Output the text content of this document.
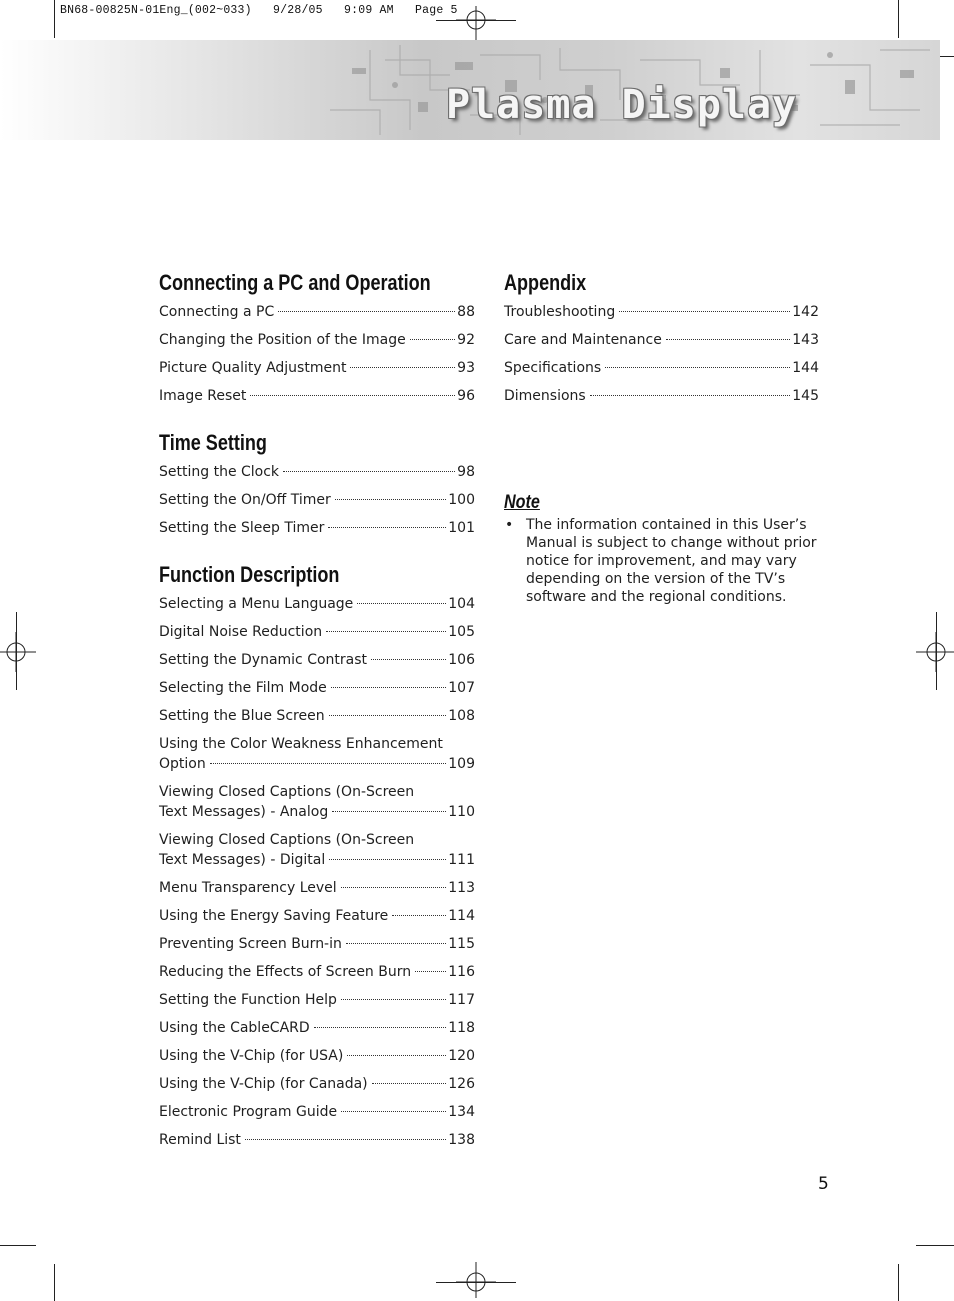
BN68-00825N-01Eng_(002~033)   9/28/05   9:09 AM   Page 5
Plasma Display
Connecting a PC and Operation
Connecting a PC	88
Changing the Position of the Image	92
Picture Quality Adjustment	93
Image Reset	96
Time Setting
Setting the Clock	98
Setting the On/Off Timer	100
Setting the Sleep Timer	101
Function Description
Selecting a Menu Language	104
Digital Noise Reduction	105
Setting the Dynamic Contrast	106
Selecting the Film Mode	107
Setting the Blue Screen	108
Using the Color Weakness Enhancement
Option	109
Viewing Closed Captions (On-Screen
Text Messages) - Analog	110
Viewing Closed Captions (On-Screen
Text Messages) - Digital	111
Menu Transparency Level	113
Using the Energy Saving Feature	114
Preventing Screen Burn-in	115
Reducing the Effects of Screen Burn	116
Setting the Function Help	117
Using the CableCARD	118
Using the V-Chip (for USA)	120
Using the V-Chip (for Canada)	126
Electronic Program Guide	134
Remind List	138
Appendix
Troubleshooting	142
Care and Maintenance	143
Specifications	144
Dimensions	145
Note
• The information contained in this User’s Manual is subject to change without prior notice for improvement, and may vary depending on the version of the TV’s software and the regional conditions.
5
